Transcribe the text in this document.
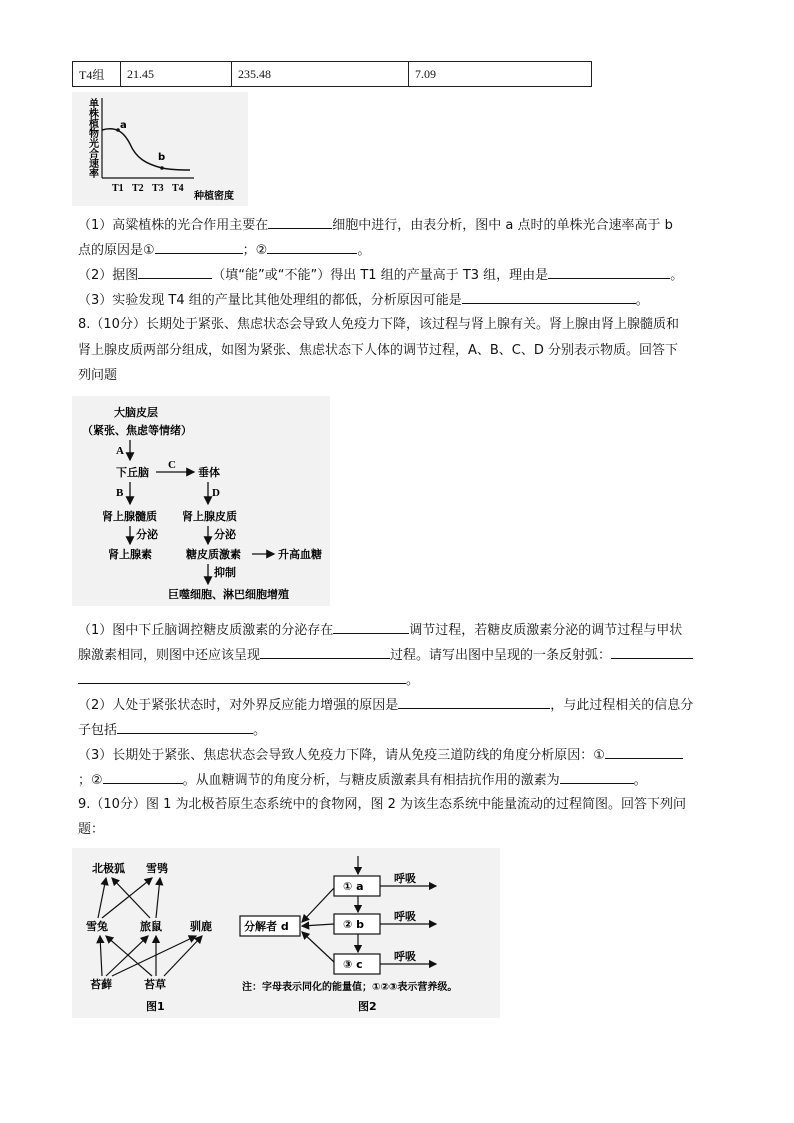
T4组	21.45	235.48	7.09
单株植物光合速率 a
b
T1 T2 T3 T4
种植密度
（1）高粱植株的光合作用主要在	细胞中进行，由表分析，图中 a 点时的单株光合速率高于 b
点的原因是①	；②	。
（2）据图	（填“能”或“不能”）得出 T1 组的产量高于 T3 组，理由是	。
（3）实验发现 T4 组的产量比其他处理组的都低，分析原因可能是	。
8.（10分）长期处于紧张、焦虑状态会导致人免疫力下降，该过程与肾上腺有关。肾上腺由肾上腺髓质和
肾上腺皮质两部分组成，如图为紧张、焦虑状态下人体的调节过程，A、B、C、D 分别表示物质。回答下
列问题
大脑皮层
（紧张、焦虑等情绪）
A
下丘脑
C
垂体
B	D
肾上腺髓质 肾上腺皮质
分泌	分泌
肾上腺素	糖皮质激素	升高血糖
抑制
巨噬细胞、淋巴细胞增殖
（1）图中下丘脑调控糖皮质激素的分泌存在	调节过程，若糖皮质激素分泌的调节过程与甲状
腺激素相同，则图中还应该呈现	过程。请写出图中呈现的一条反射弧：
。
（2）人处于紧张状态时，对外界反应能力增强的原因是	，与此过程相关的信息分
子包括	。
（3）长期处于紧张、焦虑状态会导致人免疫力下降，请从免疫三道防线的角度分析原因：①
；②	。从血糖调节的角度分析，与糖皮质激素具有相拮抗作用的激素为	。
9.（10分）图 1 为北极苔原生态系统中的食物网，图 2 为该生态系统中能量流动的过程简图。回答下列问
题：
北极狐 雪鸮
雪兔	旅鼠	驯鹿
苔藓	苔草
图1
① a
呼吸
② b
呼吸
③ c
呼吸
分解者 d
注：字母表示同化的能量值；①②③表示营养级。
图2
